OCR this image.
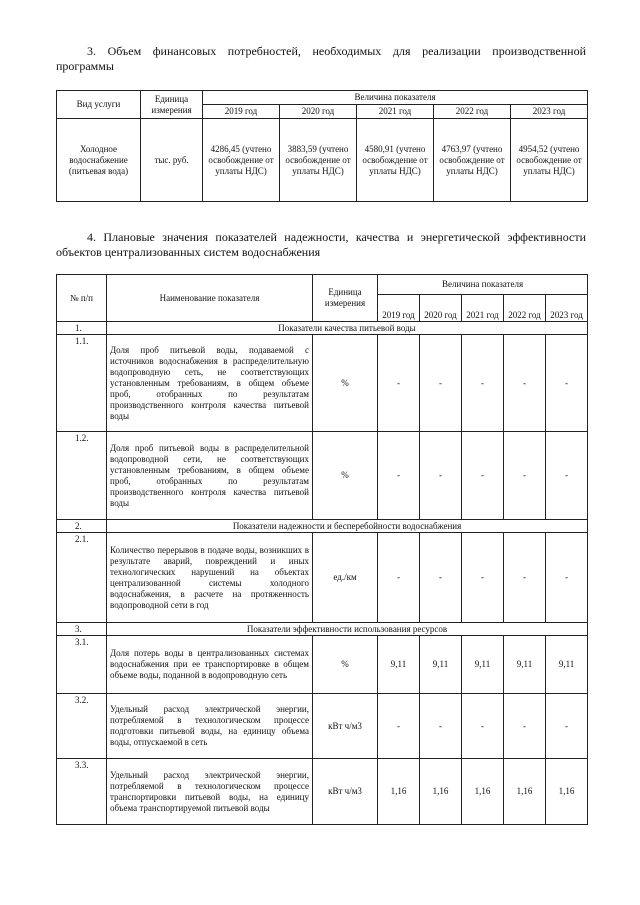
3. Объем финансовых потребностей, необходимых для реализации производственной программы
Вид услуги	Единица измерения	Величина показателя				
		2019 год	2020 год	2021 год	2022 год	2023 год
Холодное водоснабжение (питьевая вода)	тыс. руб.	4286,45 (учтено освобождение от уплаты НДС)	3883,59 (учтено освобождение от уплаты НДС)	4580,91 (учтено освобождение от уплаты НДС)	4763,97 (учтено освобождение от уплаты НДС)	4954,52 (учтено освобождение от уплаты НДС)
4. Плановые значения показателей надежности, качества и энергетической эффективности объектов централизованных систем водоснабжения
№ п/п	Наименование показателя	Единица измерения	Величина показателя				
			2019 год	2020 год	2021 год	2022 год	2023 год
1.	Показатели качества питьевой воды						
1.1.	Доля проб питьевой воды, подаваемой с источников водоснабжения в распределительную водопроводную сеть, не соответствующих установленным требованиям, в общем объеме проб, отобранных по результатам производственного контроля качества питьевой воды	%	-	-	-	-	-
1.2.	Доля проб питьевой воды в распределительной водопроводной сети, не соответствующих установленным требованиям, в общем объеме проб, отобранных по результатам производственного контроля качества питьевой воды	%	-	-	-	-	-
2.	Показатели надежности и бесперебойности водоснабжения						
2.1.	Количество перерывов в подаче воды, возникших в результате аварий, повреждений и иных технологических нарушений на объектах централизованной системы холодного водоснабжения, в расчете на протяженность водопроводной сети в год	ед./км	-	-	-	-	-
3.	Показатели эффективности использования ресурсов						
3.1.	Доля потерь воды в централизованных системах водоснабжения при ее транспортировке в общем объеме воды, поданной в водопроводную сеть	%	9,11	9,11	9,11	9,11	9,11
3.2.	Удельный расход электрической энергии, потребляемой в технологическом процессе подготовки питьевой воды, на единицу объема воды, отпускаемой в сеть	кВт ч/м3	-	-	-	-	-
3.3.	Удельный расход электрической энергии, потребляемой в технологическом процессе транспортировки питьевой воды, на единицу объема транспортируемой питьевой воды	кВт ч/м3	1,16	1,16	1,16	1,16	1,16
